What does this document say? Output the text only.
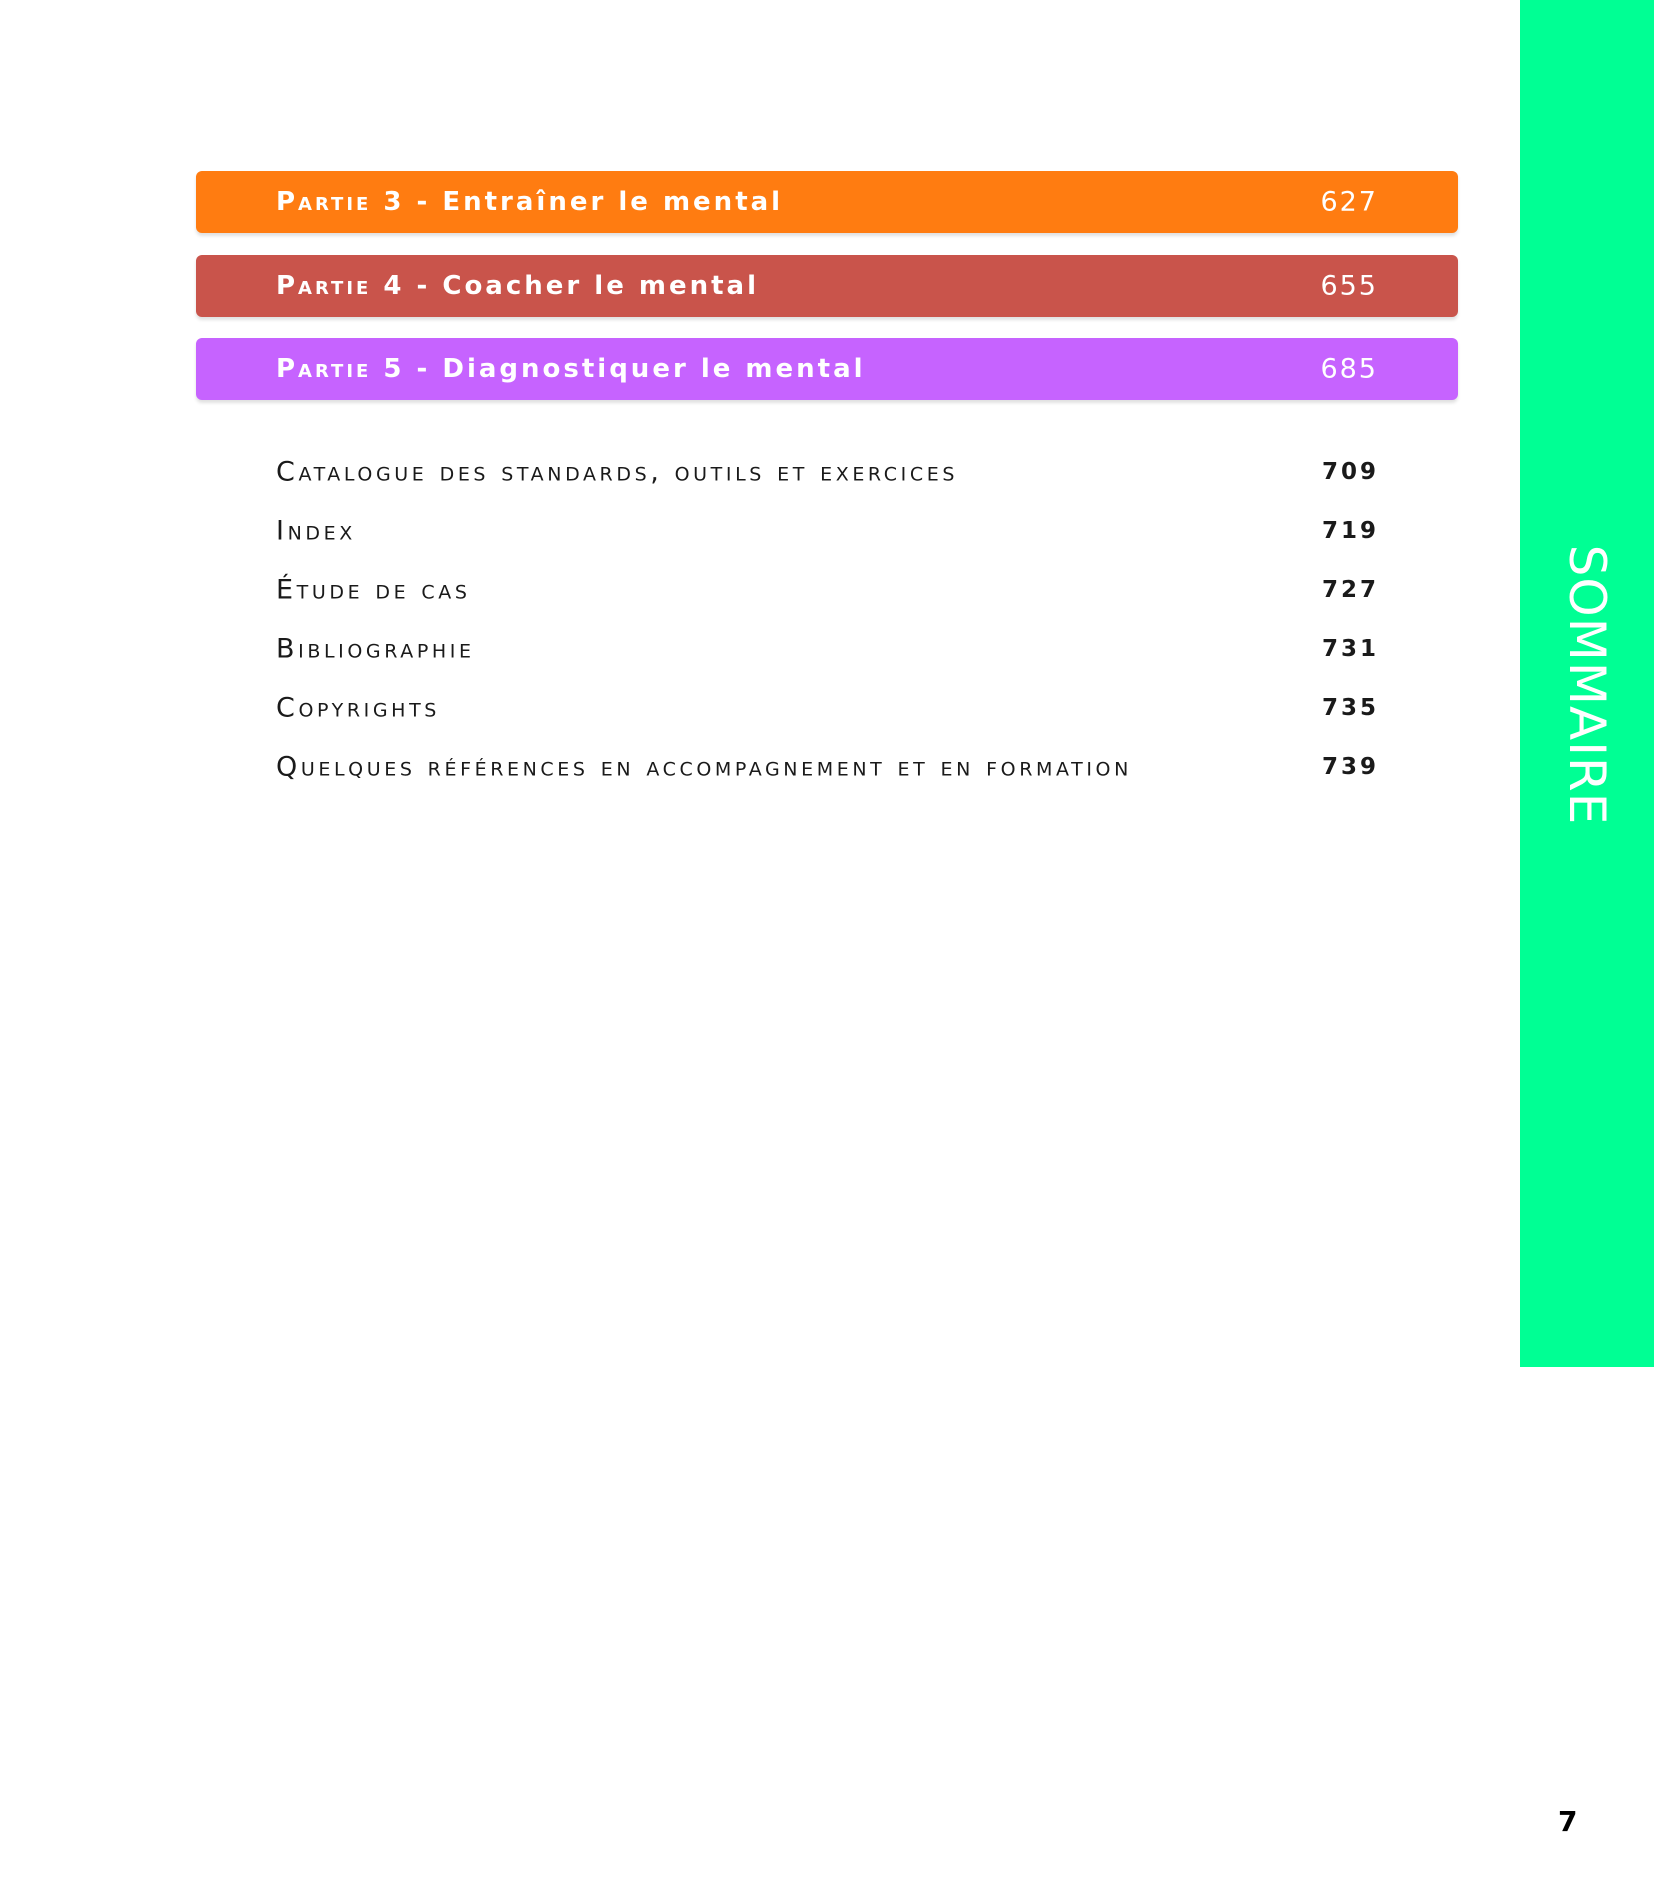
SOMMAIRE
Partie 3 - Entraîner le mental	627
Partie 4 - Coacher le mental	655
Partie 5 - Diagnostiquer le mental	685
Catalogue des standards, outils et exercices	709
Index	719
Étude de cas	727
Bibliographie	731
Copyrights	735
Quelques références en accompagnement et en formation	739
7
